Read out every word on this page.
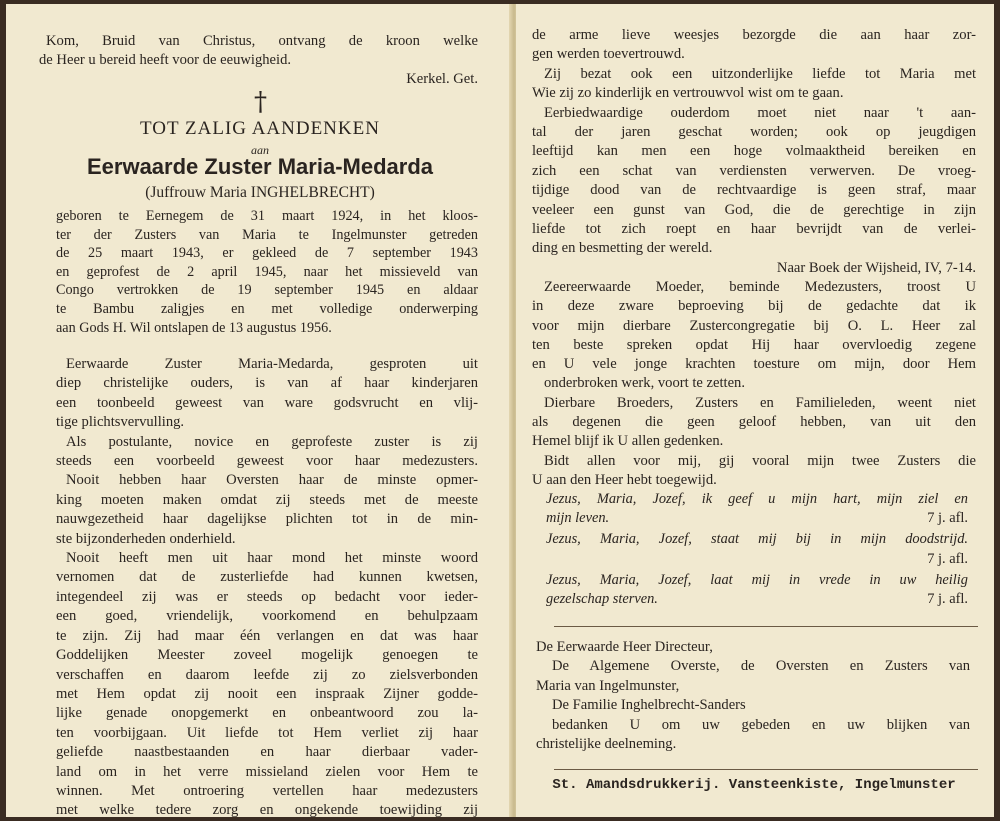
Kom, Bruid van Christus, ontvang de kroon welke
de Heer u bereid heeft voor de eeuwigheid.
Kerkel. Get.
†
TOT ZALIG AANDENKEN
aan
Eerwaarde Zuster Maria-Medarda
(Juffrouw Maria INGHELBRECHT)
geboren te Eernegem de 31 maart 1924, in het kloos-
ter der Zusters van Maria te Ingelmunster getreden
de 25 maart 1943, er gekleed de 7 september 1943
en geprofest de 2 april 1945, naar het missieveld van
Congo vertrokken de 19 september 1945 en aldaar
te Bambu zaligjes en met volledige onderwerping
aan Gods H. Wil ontslapen de 13 augustus 1956.
Eerwaarde Zuster Maria-Medarda, gesproten uit
diep christelijke ouders, is van af haar kinderjaren
een toonbeeld geweest van ware godsvrucht en vlij-
tige plichtsvervulling.
Als postulante, novice en geprofeste zuster is zij
steeds een voorbeeld geweest voor haar medezusters.
Nooit hebben haar Oversten haar de minste opmer-
king moeten maken omdat zij steeds met de meeste
nauwgezetheid haar dagelijkse plichten tot in de min-
ste bijzonderheden onderhield.
Nooit heeft men uit haar mond het minste woord
vernomen dat de zusterliefde had kunnen kwetsen,
integendeel zij was er steeds op bedacht voor ieder-
een goed, vriendelijk, voorkomend en behulpzaam
te zijn. Zij had maar één verlangen en dat was haar
Goddelijken Meester zoveel mogelijk genoegen te
verschaffen en daarom leefde zij zo zielsverbonden
met Hem opdat zij nooit een inspraak Zijner godde-
lijke genade onopgemerkt en onbeantwoord zou la-
ten voorbijgaan. Uit liefde tot Hem verliet zij haar
geliefde naastbestaanden en haar dierbaar vader-
land om in het verre missieland zielen voor Hem te
winnen. Met ontroering vertellen haar medezusters
met welke tedere zorg en ongekende toewijding zij
de arme lieve weesjes bezorgde die aan haar zor-
gen werden toevertrouwd.
Zij bezat ook een uitzonderlijke liefde tot Maria met
Wie zij zo kinderlijk en vertrouwvol wist om te gaan.
Eerbiedwaardige ouderdom moet niet naar 't aan-
tal der jaren geschat worden; ook op jeugdigen
leeftijd kan men een hoge volmaaktheid bereiken en
zich een schat van verdiensten verwerven. De vroeg-
tijdige dood van de rechtvaardige is geen straf, maar
veeleer een gunst van God, die de gerechtige in zijn
liefde tot zich roept en haar bevrijdt van de verlei-
ding en besmetting der wereld.
Naar Boek der Wijsheid, IV, 7-14.
Zeereerwaarde Moeder, beminde Medezusters, troost U
in deze zware beproeving bij de gedachte dat ik
voor mijn dierbare Zustercongregatie bij O. L. Heer zal
ten beste spreken opdat Hij haar overvloedig zegene
en U vele jonge krachten toesture om mijn, door Hem
onderbroken werk, voort te zetten.
Dierbare Broeders, Zusters en Familieleden, weent niet
als degenen die geen geloof hebben, van uit den
Hemel blijf ik U allen gedenken.
Bidt allen voor mij, gij vooral mijn twee Zusters die
U aan den Heer hebt toegewijd.
Jezus, Maria, Jozef, ik geef u mijn hart, mijn ziel en
mijn leven.	7 j. afl.
Jezus, Maria, Jozef, staat mij bij in mijn doodstrijd.
7 j. afl.
Jezus, Maria, Jozef, laat mij in vrede in uw heilig
gezelschap sterven.	7 j. afl.
De Eerwaarde Heer Directeur,
De Algemene Overste, de Oversten en Zusters van
Maria van Ingelmunster,
De Familie Inghelbrecht-Sanders
bedanken U om uw gebeden en uw blijken van
christelijke deelneming.
St. Amandsdrukkerij. Vansteenkiste, Ingelmunster
